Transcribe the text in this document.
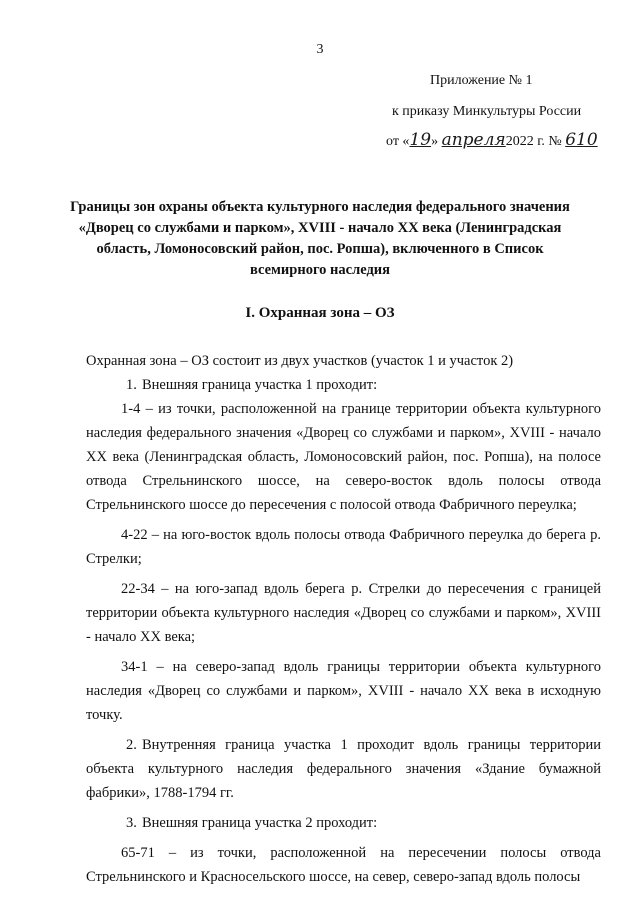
3
Приложение № 1
к приказу Минкультуры России
от «19» апреля2022 г. № 610
Границы зон охраны объекта культурного наследия федерального значения «Дворец со службами и парком», XVIII - начало XX века (Ленинградская область, Ломоносовский район, пос. Ропша), включенного в Список всемирного наследия
I. Охранная зона – ОЗ

Охранная зона – ОЗ состоит из двух участков (участок 1 и участок 2)

1. Внешняя граница участка 1 проходит:

1-4 – из точки, расположенной на границе территории объекта культурного наследия федерального значения «Дворец со службами и парком», XVIII - начало XX века (Ленинградская область, Ломоносовский район, пос. Ропша), на полосе отвода Стрельнинского шоссе, на северо-восток вдоль полосы отвода Стрельнинского шоссе до пересечения с полосой отвода Фабричного переулка;

4-22 – на юго-восток вдоль полосы отвода Фабричного переулка до берега р. Стрелки;

22-34 – на юго-запад вдоль берега р. Стрелки до пересечения с границей территории объекта культурного наследия «Дворец со службами и парком», XVIII - начало XX века;

34-1 – на северо-запад вдоль границы территории объекта культурного наследия «Дворец со службами и парком», XVIII - начало XX века в исходную точку.

2. Внутренняя граница участка 1 проходит вдоль границы территории объекта культурного наследия федерального значения «Здание бумажной фабрики», 1788-1794 гг.

3. Внешняя граница участка 2 проходит:

65-71 – из точки, расположенной на пересечении полосы отвода Стрельнинского и Красносельского шоссе, на север, северо-запад вдоль полосы
